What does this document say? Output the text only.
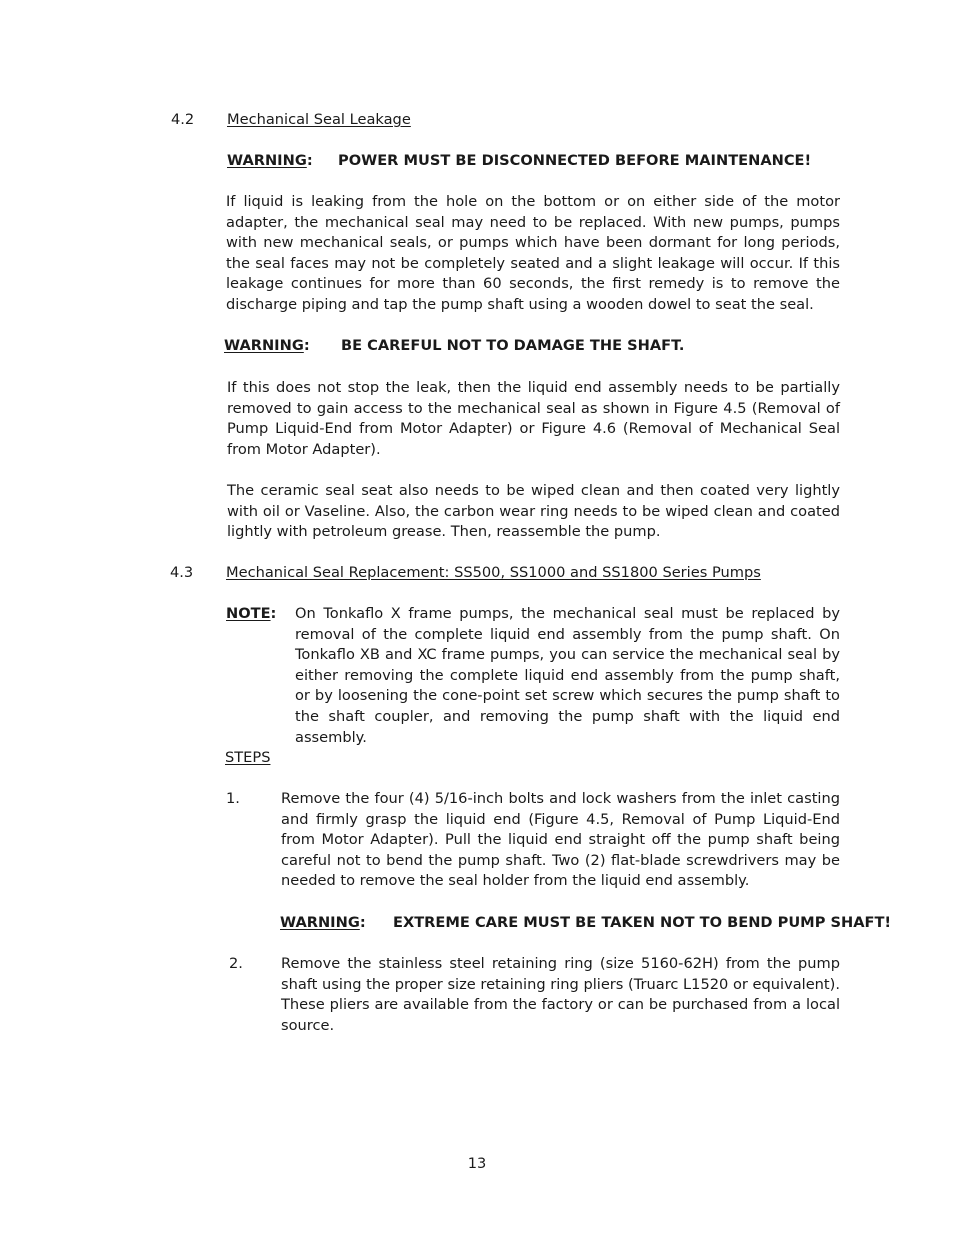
4.2 Mechanical Seal Leakage
WARNING: POWER MUST BE DISCONNECTED BEFORE MAINTENANCE!
If liquid is leaking from the hole on the bottom or on either side of the motor adapter, the mechanical seal may need to be replaced. With new pumps, pumps with new mechanical seals, or pumps which have been dormant for long periods, the seal faces may not be completely seated and a slight leakage will occur. If this leakage continues for more than 60 seconds, the first remedy is to remove the discharge piping and tap the pump shaft using a wooden dowel to seat the seal.
WARNING: BE CAREFUL NOT TO DAMAGE THE SHAFT.
If this does not stop the leak, then the liquid end assembly needs to be partially removed to gain access to the mechanical seal as shown in Figure 4.5 (Removal of Pump Liquid-End from Motor Adapter) or Figure 4.6 (Removal of Mechanical Seal from Motor Adapter).
The ceramic seal seat also needs to be wiped clean and then coated very lightly with oil or Vaseline. Also, the carbon wear ring needs to be wiped clean and coated lightly with petroleum grease. Then, reassemble the pump.
4.3 Mechanical Seal Replacement: SS500, SS1000 and SS1800 Series Pumps
NOTE: On Tonkaflo X frame pumps, the mechanical seal must be replaced by removal of the complete liquid end assembly from the pump shaft. On Tonkaflo XB and XC frame pumps, you can service the mechanical seal by either removing the complete liquid end assembly from the pump shaft, or by loosening the cone-point set screw which secures the pump shaft to the shaft coupler, and removing the pump shaft with the liquid end assembly.
STEPS
1.	Remove the four (4) 5/16-inch bolts and lock washers from the inlet casting and firmly grasp the liquid end (Figure 4.5, Removal of Pump Liquid-End from Motor Adapter). Pull the liquid end straight off the pump shaft being careful not to bend the pump shaft. Two (2) flat-blade screwdrivers may be needed to remove the seal holder from the liquid end assembly.
WARNING: EXTREME CARE MUST BE TAKEN NOT TO BEND PUMP SHAFT!
2.	Remove the stainless steel retaining ring (size 5160-62H) from the pump shaft using the proper size retaining ring pliers (Truarc L1520 or equivalent). These pliers are available from the factory or can be purchased from a local source.
13
